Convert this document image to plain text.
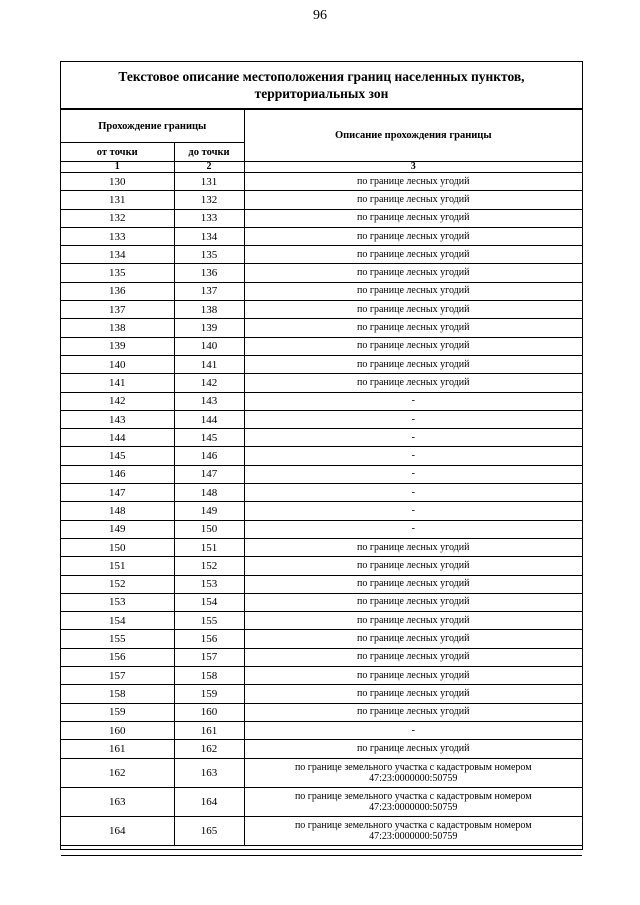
96
Текстовое описание местоположения границ населенных пунктов, территориальных зон
Прохождение границы		Описание прохождения границы
от точки	до точки	
1	2	3
130	131	по границе лесных угодий
131	132	по границе лесных угодий
132	133	по границе лесных угодий
133	134	по границе лесных угодий
134	135	по границе лесных угодий
135	136	по границе лесных угодий
136	137	по границе лесных угодий
137	138	по границе лесных угодий
138	139	по границе лесных угодий
139	140	по границе лесных угодий
140	141	по границе лесных угодий
141	142	по границе лесных угодий
142	143	-
143	144	-
144	145	-
145	146	-
146	147	-
147	148	-
148	149	-
149	150	-
150	151	по границе лесных угодий
151	152	по границе лесных угодий
152	153	по границе лесных угодий
153	154	по границе лесных угодий
154	155	по границе лесных угодий
155	156	по границе лесных угодий
156	157	по границе лесных угодий
157	158	по границе лесных угодий
158	159	по границе лесных угодий
159	160	по границе лесных угодий
160	161	-
161	162	по границе лесных угодий
162	163	по границе земельного участка с кадастровым номером
47:23:0000000:50759

163	164	по границе земельного участка с кадастровым номером
47:23:0000000:50759

164	165	по границе земельного участка с кадастровым номером
47:23:0000000:50759
